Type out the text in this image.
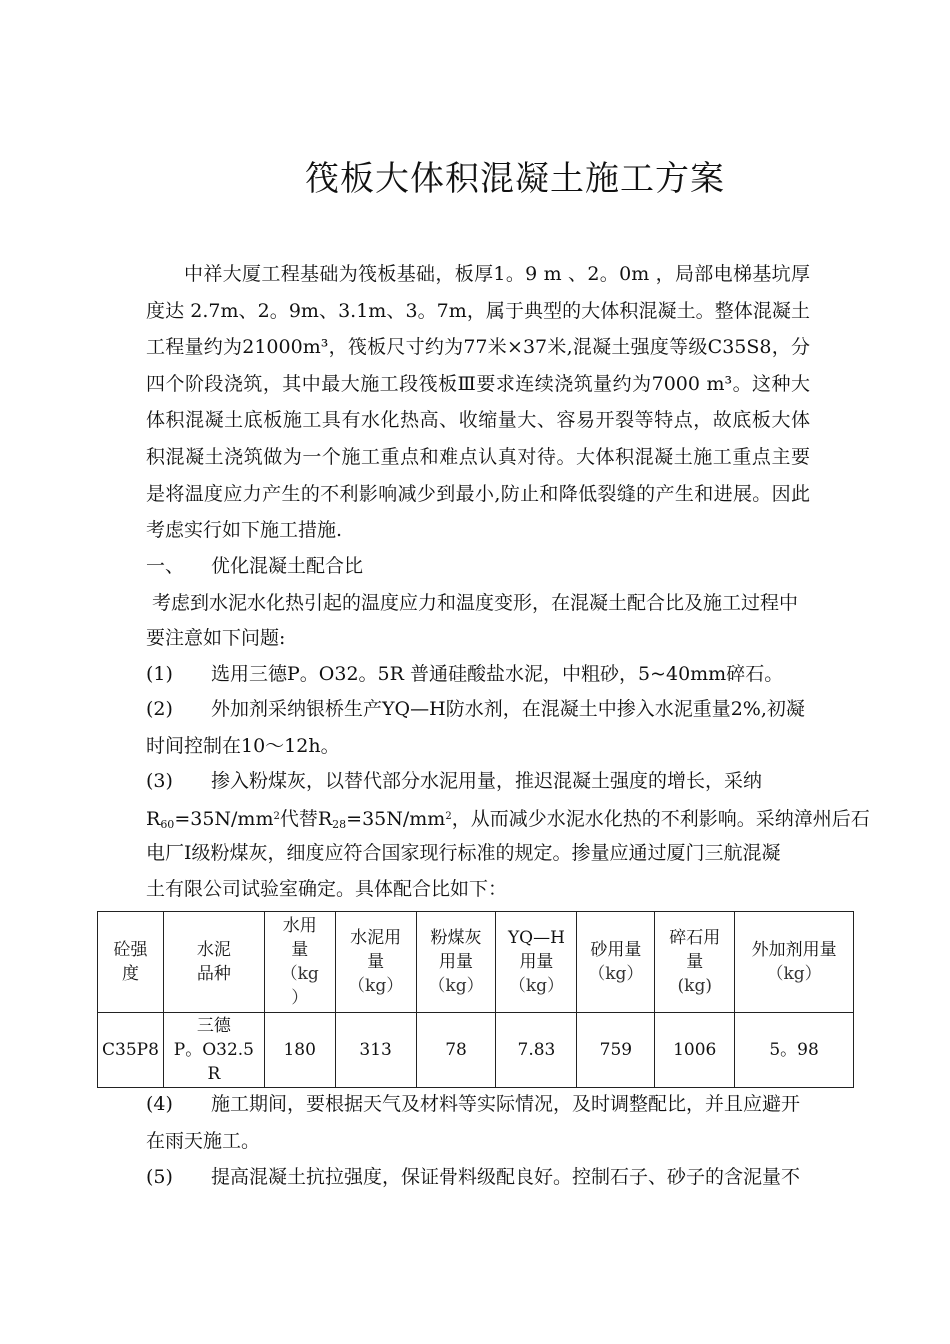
筏板大体积混凝土施工方案
中祥大厦工程基础为筏板基础，板厚1。9 m 、2。0m ，局部电梯基坑厚度达 2.7m、2。9m、3.1m、3。7m，属于典型的大体积混凝土。整体混凝土工程量约为21000m³，筏板尺寸约为77米×37米,混凝土强度等级C35S8，分四个阶段浇筑，其中最大施工段筏板Ⅲ要求连续浇筑量约为7000 m³。这种大体积混凝土底板施工具有水化热高、收缩量大、容易开裂等特点，故底板大体积混凝土浇筑做为一个施工重点和难点认真对待。大体积混凝土施工重点主要是将温度应力产生的不利影响减少到最小,防止和降低裂缝的产生和进展。因此考虑实行如下施工措施.
一、 优化混凝土配合比
考虑到水泥水化热引起的温度应力和温度变形，在混凝土配合比及施工过程中
要注意如下问题:
(1) 选用三德P。O32。5R 普通硅酸盐水泥，中粗砂，5~40mm碎石。
(2) 外加剂采纳银桥生产YQ—H防水剂，在混凝土中掺入水泥重量2%,初凝
时间控制在10～12h。
(3) 掺入粉煤灰，以替代部分水泥用量，推迟混凝土强度的增长，采纳
$R_{60}=35N/mm^2$代替$R_{28}=35N/mm^2$，从而减少水泥水化热的不利影响。采纳漳州后石
电厂Ⅰ级粉煤灰，细度应符合国家现行标准的规定。掺量应通过厦门三航混凝
土有限公司试验室确定。具体配合比如下：
砼强
度	水泥
品种	水用
量
（kg
）	水泥用
量
（kg）	粉煤灰
用量
（kg）	YQ—H
用量
（kg）	砂用量
（kg）	碎石用
量
(kg)	外加剂用量
（kg）
C35P8	三德
P。O32.5
R	180	313	78	7.83	759	1006	5。98
(4) 施工期间，要根据天气及材料等实际情况，及时调整配比，并且应避开
在雨天施工。
(5) 提高混凝土抗拉强度，保证骨料级配良好。控制石子、砂子的含泥量不
